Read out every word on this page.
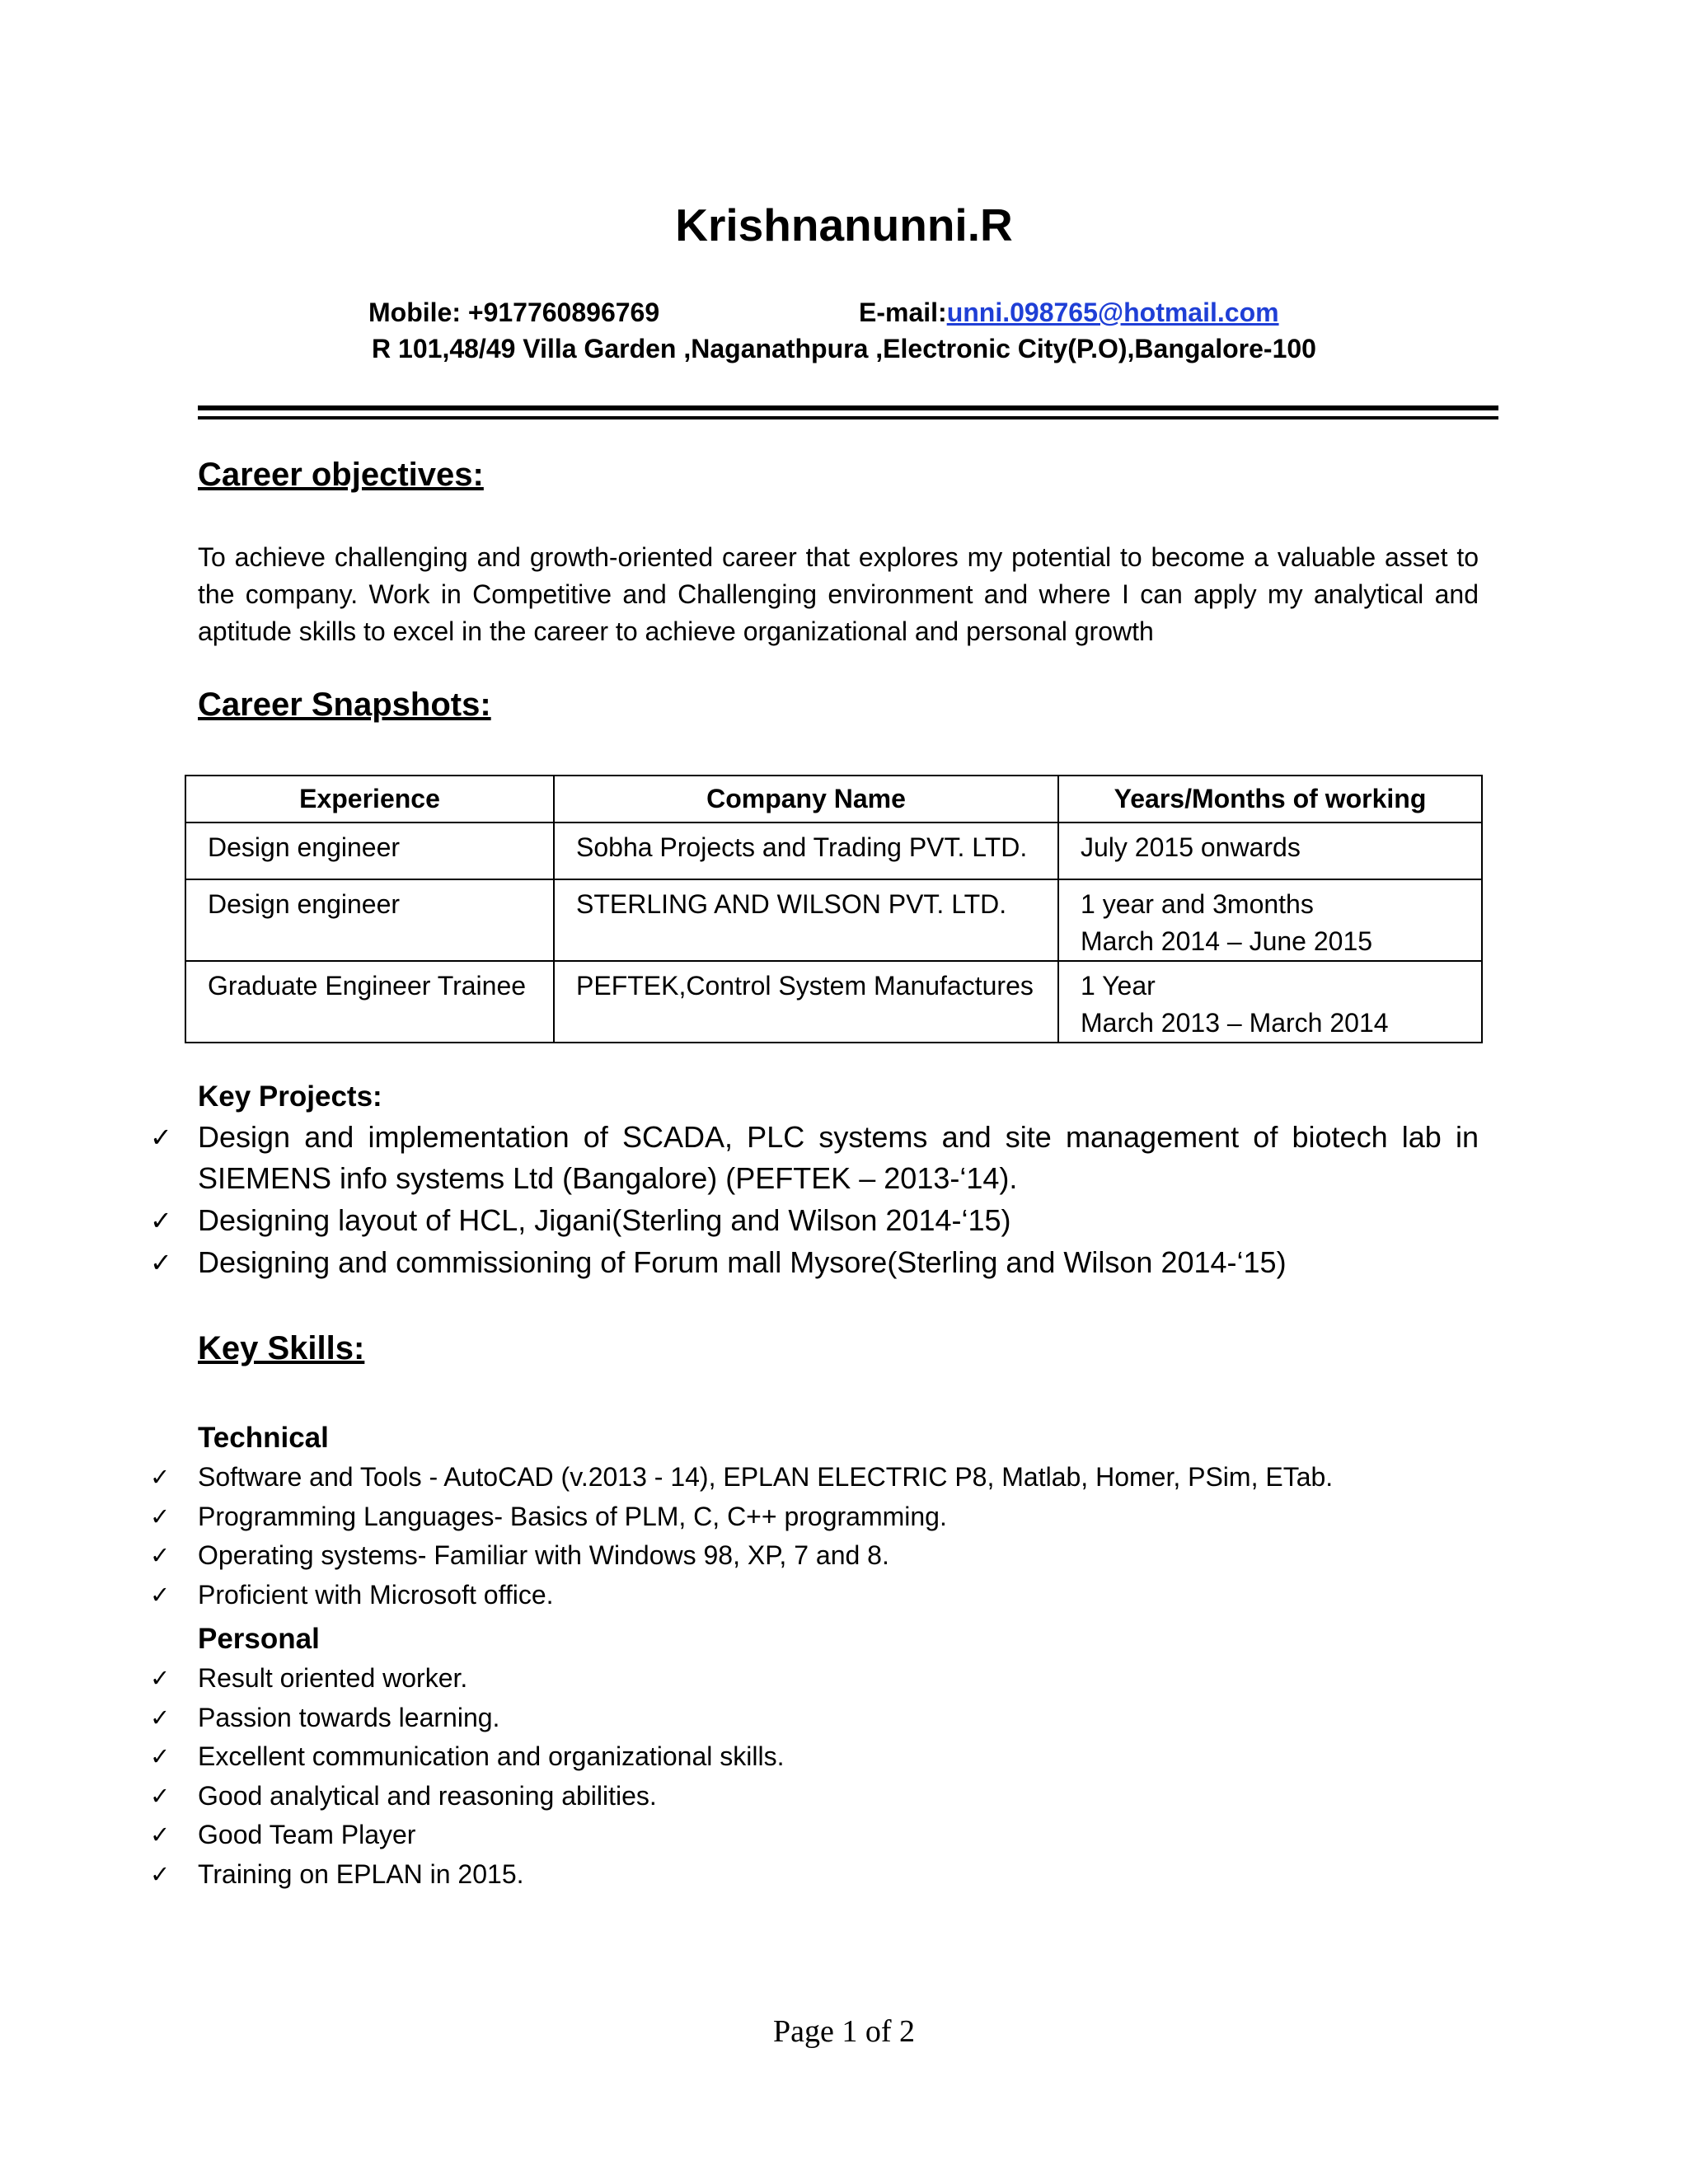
Krishnanunni.R
Mobile: +917760896769	E-mail:unni.098765@hotmail.com
R 101,48/49 Villa Garden ,Naganathpura ,Electronic City(P.O),Bangalore-100
Career objectives:
To achieve challenging and growth-oriented career that explores my potential to become a valuable asset to the company. Work in Competitive and Challenging environment and where I can apply my analytical and aptitude skills to excel in the career to achieve organizational and personal growth
Career Snapshots:
Experience	Company Name	Years/Months of working
Design engineer	Sobha Projects and Trading PVT. LTD.	July 2015 onwards
Design engineer	STERLING AND WILSON PVT. LTD.	1 year and 3months
March 2014 – June 2015

Graduate Engineer Trainee	PEFTEK,Control System Manufactures	1 Year
March 2013 – March 2014
Key Projects:
✓ Design and implementation of SCADA, PLC systems and site management of biotech lab in SIEMENS info systems Ltd (Bangalore) (PEFTEK – 2013-‘14).
✓ Designing layout of HCL, Jigani(Sterling and Wilson 2014-‘15)
✓ Designing and commissioning of Forum mall Mysore(Sterling and Wilson 2014-‘15)
Key Skills:
Technical
✓ Software and Tools - AutoCAD (v.2013 - 14), EPLAN ELECTRIC P8, Matlab, Homer, PSim, ETab.
✓ Programming Languages- Basics of PLM, C, C++ programming.
✓ Operating systems- Familiar with Windows 98, XP, 7 and 8.
✓ Proficient with Microsoft office.
Personal
✓ Result oriented worker.
✓ Passion towards learning.
✓ Excellent communication and organizational skills.
✓ Good analytical and reasoning abilities.
✓ Good Team Player
✓ Training on EPLAN in 2015.
Page 1 of 2
